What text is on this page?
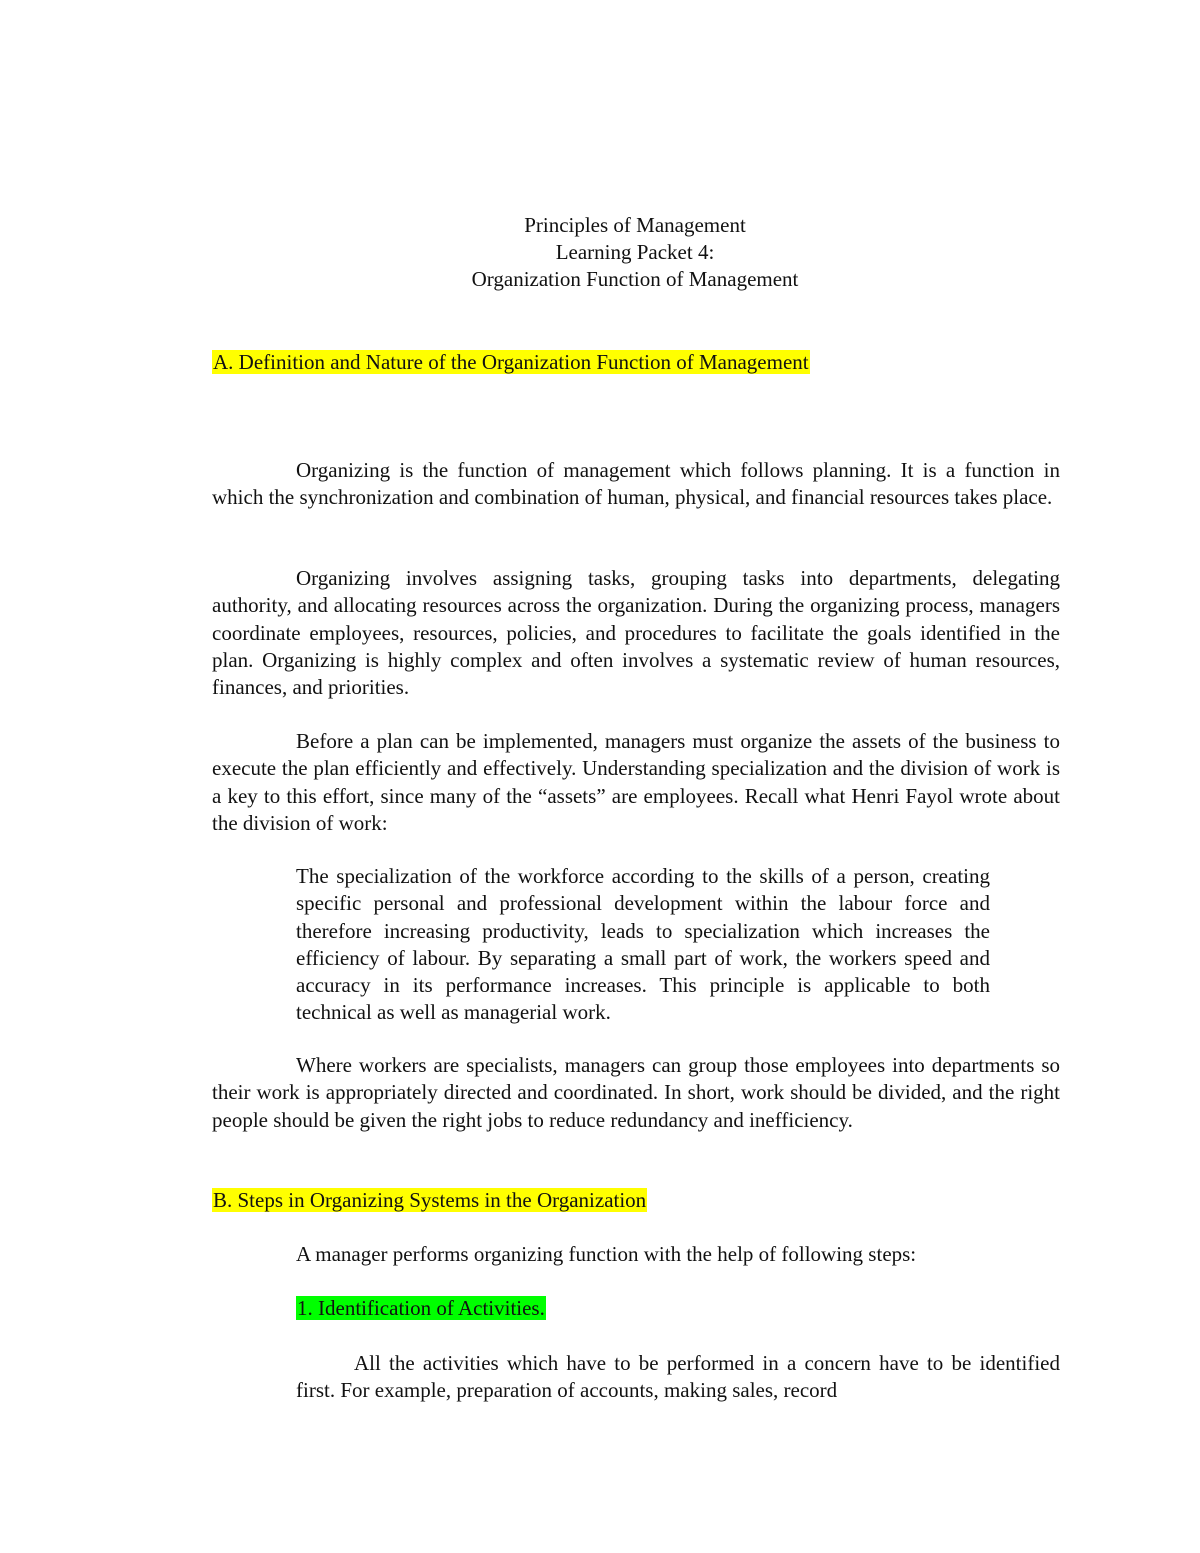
Principles of Management
Learning Packet 4:
Organization Function of Management
A. Definition and Nature of the Organization Function of Management

Organizing is the function of management which follows planning. It is a function in which the synchronization and combination of human, physical, and financial resources takes place.

Organizing involves assigning tasks, grouping tasks into departments, delegating authority, and allocating resources across the organization. During the organizing process, managers coordinate employees, resources, policies, and procedures to facilitate the goals identified in the plan. Organizing is highly complex and often involves a systematic review of human resources, finances, and priorities.

Before a plan can be implemented, managers must organize the assets of the business to execute the plan efficiently and effectively. Understanding specialization and the division of work is a key to this effort, since many of the “assets” are employees. Recall what Henri Fayol wrote about the division of work:

The specialization of the workforce according to the skills of a person, creating specific personal and professional development within the labour force and therefore increasing productivity, leads to specialization which increases the efficiency of labour. By separating a small part of work, the workers speed and accuracy in its performance increases. This principle is applicable to both technical as well as managerial work.

Where workers are specialists, managers can group those employees into departments so their work is appropriately directed and coordinated. In short, work should be divided, and the right people should be given the right jobs to reduce redundancy and inefficiency.

B. Steps in Organizing Systems in the Organization
A manager performs organizing function with the help of following steps:
1. Identification of Activities.

All the activities which have to be performed in a concern have to be identified first. For example, preparation of accounts, making sales, record
